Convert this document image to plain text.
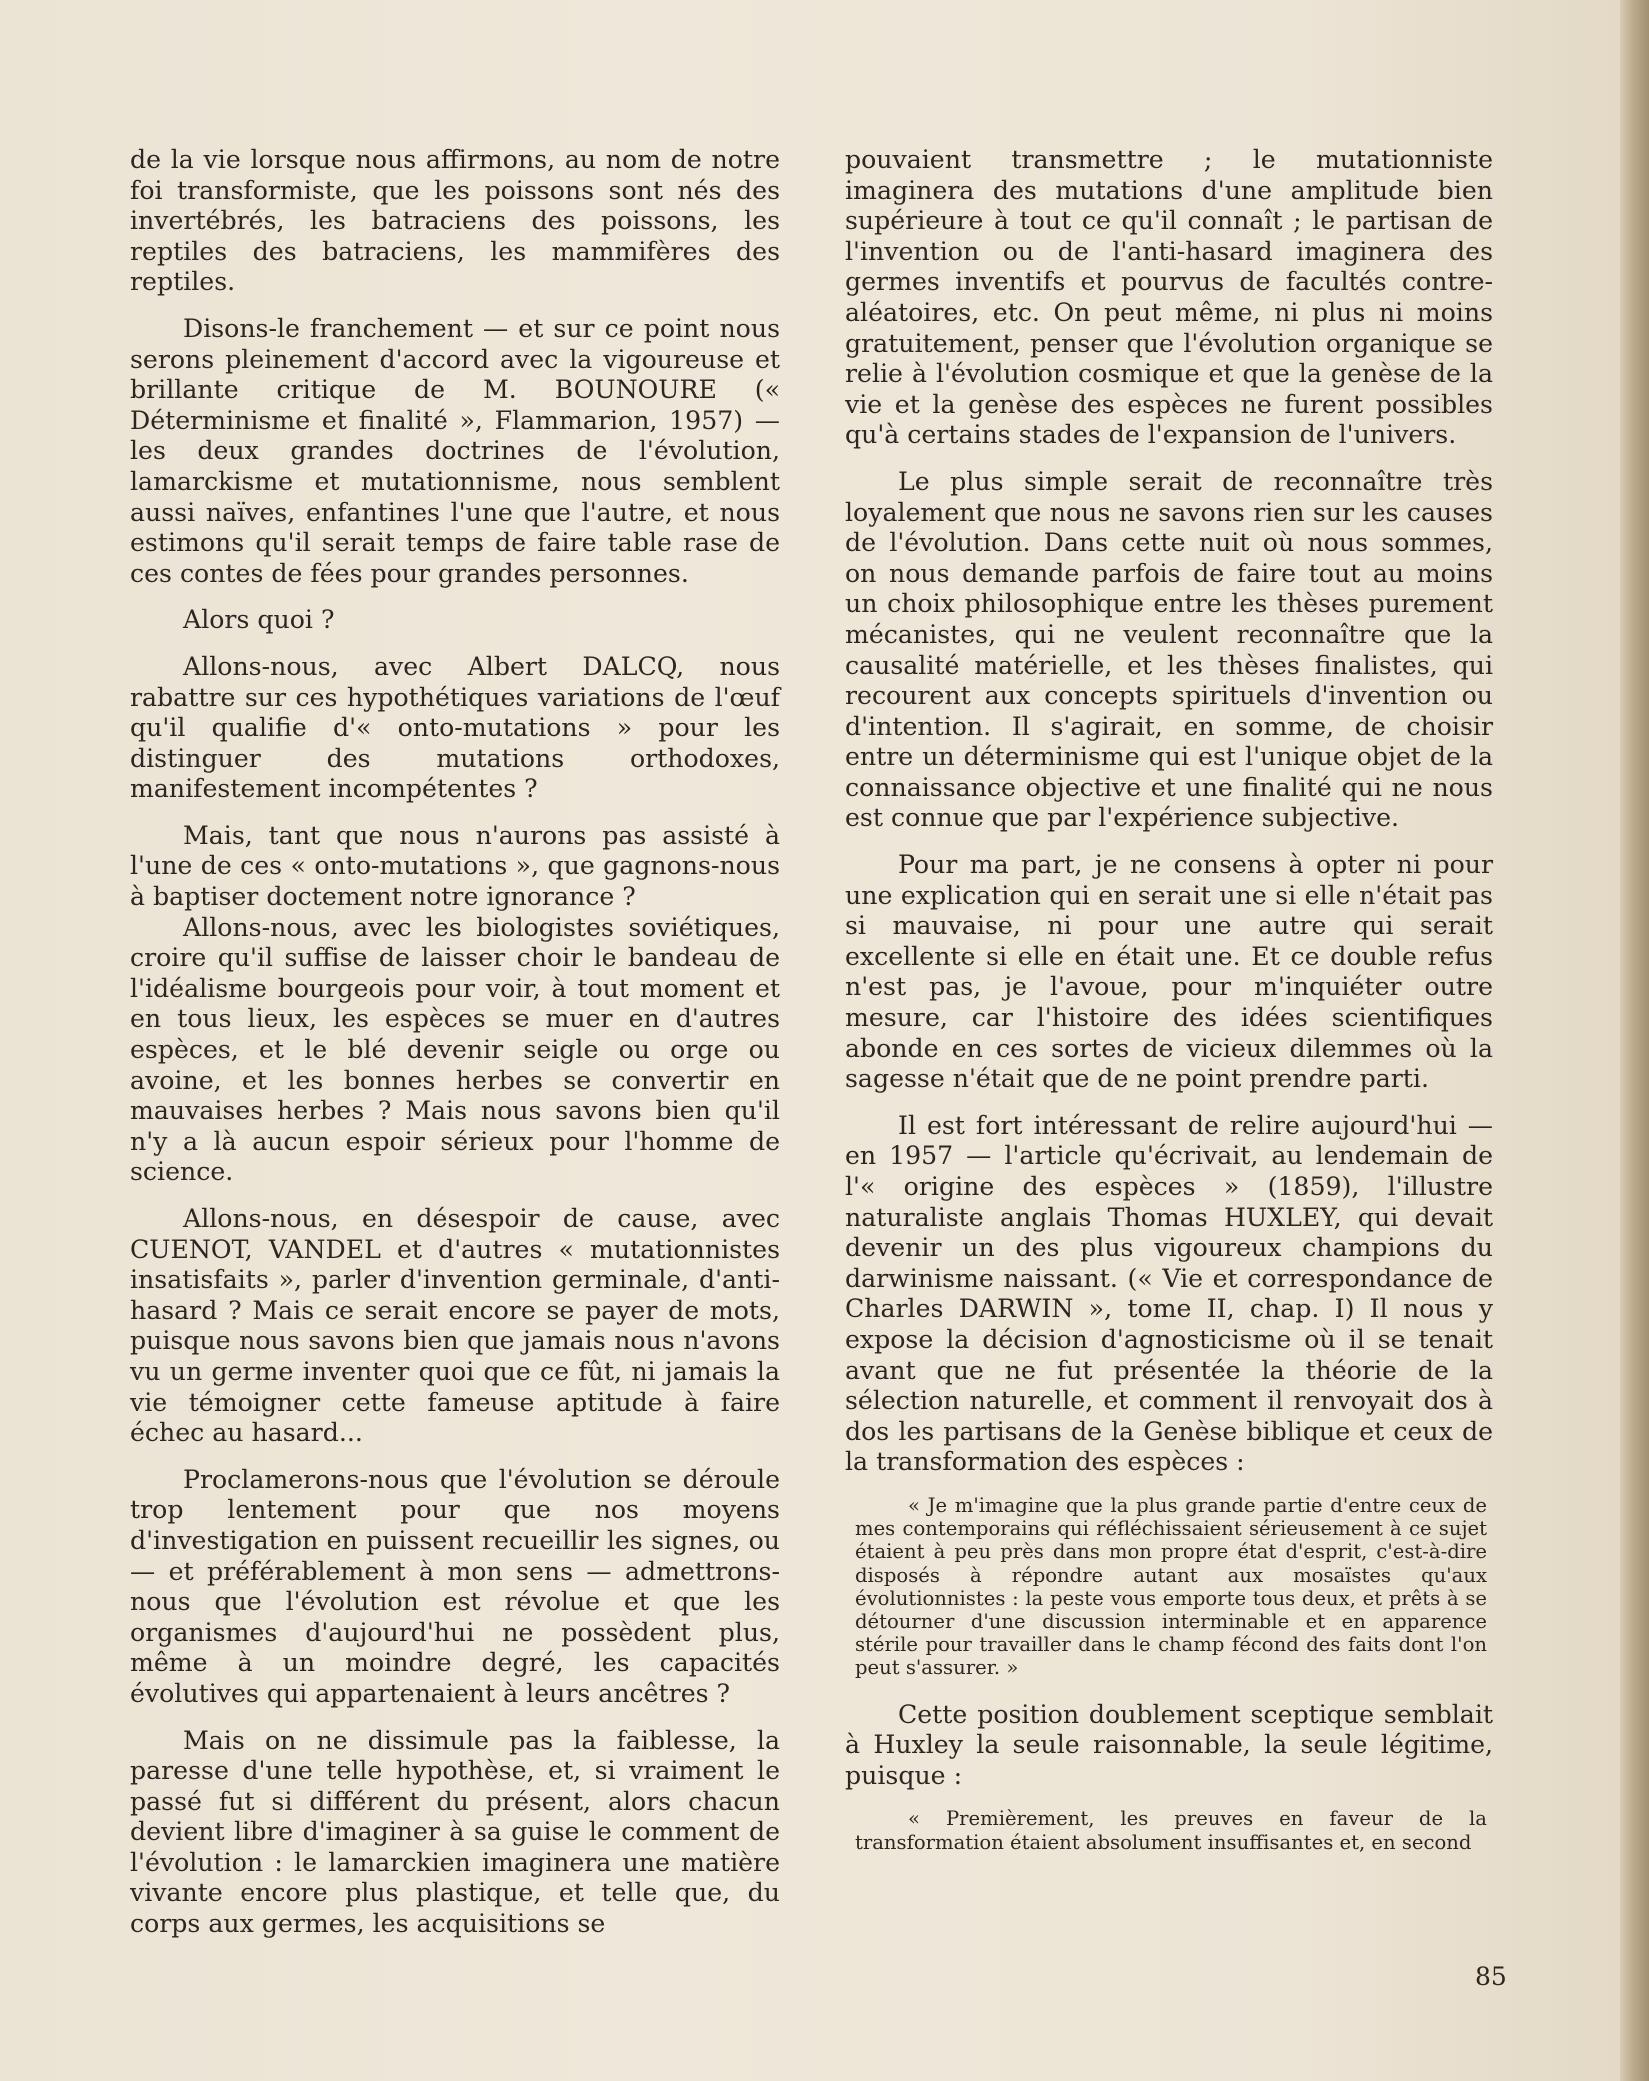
de la vie lorsque nous affirmons, au nom de notre foi transformiste, que les poissons sont nés des invertébrés, les batraciens des poissons, les reptiles des batraciens, les mammifères des reptiles.

Disons-le franchement — et sur ce point nous serons pleinement d'accord avec la vigoureuse et brillante critique de M. BOUNOURE (« Déterminisme et finalité », Flammarion, 1957) — les deux grandes doctrines de l'évolution, lamarckisme et mutationnisme, nous semblent aussi naïves, enfantines l'une que l'autre, et nous estimons qu'il serait temps de faire table rase de ces contes de fées pour grandes personnes.

Alors quoi ?

Allons-nous, avec Albert DALCQ, nous rabattre sur ces hypothétiques variations de l'œuf qu'il qualifie d'« onto-mutations » pour les distinguer des mutations orthodoxes, manifestement incompétentes ?

Mais, tant que nous n'aurons pas assisté à l'une de ces « onto-mutations », que gagnons-nous à baptiser doctement notre ignorance ?

Allons-nous, avec les biologistes soviétiques, croire qu'il suffise de laisser choir le bandeau de l'idéalisme bourgeois pour voir, à tout moment et en tous lieux, les espèces se muer en d'autres espèces, et le blé devenir seigle ou orge ou avoine, et les bonnes herbes se convertir en mauvaises herbes ? Mais nous savons bien qu'il n'y a là aucun espoir sérieux pour l'homme de science.

Allons-nous, en désespoir de cause, avec CUENOT, VANDEL et d'autres « mutationnistes insatisfaits », parler d'invention germinale, d'anti-hasard ? Mais ce serait encore se payer de mots, puisque nous savons bien que jamais nous n'avons vu un germe inventer quoi que ce fût, ni jamais la vie témoigner cette fameuse aptitude à faire échec au hasard...

Proclamerons-nous que l'évolution se déroule trop lentement pour que nos moyens d'investigation en puissent recueillir les signes, ou — et préférablement à mon sens — admettrons-nous que l'évolution est révolue et que les organismes d'aujourd'hui ne possèdent plus, même à un moindre degré, les capacités évolutives qui appartenaient à leurs ancêtres ?

Mais on ne dissimule pas la faiblesse, la paresse d'une telle hypothèse, et, si vraiment le passé fut si différent du présent, alors chacun devient libre d'imaginer à sa guise le comment de l'évolution : le lamarckien imaginera une matière vivante encore plus plastique, et telle que, du corps aux germes, les acquisitions se

pouvaient transmettre ; le mutationniste imaginera des mutations d'une amplitude bien supérieure à tout ce qu'il connaît ; le partisan de l'invention ou de l'anti-hasard imaginera des germes inventifs et pourvus de facultés contre-aléatoires, etc. On peut même, ni plus ni moins gratuitement, penser que l'évolution organique se relie à l'évolution cosmique et que la genèse de la vie et la genèse des espèces ne furent possibles qu'à certains stades de l'expansion de l'univers.

Le plus simple serait de reconnaître très loyalement que nous ne savons rien sur les causes de l'évolution. Dans cette nuit où nous sommes, on nous demande parfois de faire tout au moins un choix philosophique entre les thèses purement mécanistes, qui ne veulent reconnaître que la causalité matérielle, et les thèses finalistes, qui recourent aux concepts spirituels d'invention ou d'intention. Il s'agirait, en somme, de choisir entre un déterminisme qui est l'unique objet de la connaissance objective et une finalité qui ne nous est connue que par l'expérience subjective.

Pour ma part, je ne consens à opter ni pour une explication qui en serait une si elle n'était pas si mauvaise, ni pour une autre qui serait excellente si elle en était une. Et ce double refus n'est pas, je l'avoue, pour m'inquiéter outre mesure, car l'histoire des idées scientifiques abonde en ces sortes de vicieux dilemmes où la sagesse n'était que de ne point prendre parti.

Il est fort intéressant de relire aujourd'hui — en 1957 — l'article qu'écrivait, au lendemain de l'« origine des espèces » (1859), l'illustre naturaliste anglais Thomas HUXLEY, qui devait devenir un des plus vigoureux champions du darwinisme naissant. (« Vie et correspondance de Charles DARWIN », tome II, chap. I) Il nous y expose la décision d'agnosticisme où il se tenait avant que ne fut présentée la théorie de la sélection naturelle, et comment il renvoyait dos à dos les partisans de la Genèse biblique et ceux de la transformation des espèces :

« Je m'imagine que la plus grande partie d'entre ceux de mes contemporains qui réfléchissaient sérieusement à ce sujet étaient à peu près dans mon propre état d'esprit, c'est-à-dire disposés à répondre autant aux mosaïstes qu'aux évolutionnistes : la peste vous emporte tous deux, et prêts à se détourner d'une discussion interminable et en apparence stérile pour travailler dans le champ fécond des faits dont l'on peut s'assurer. »

Cette position doublement sceptique semblait à Huxley la seule raisonnable, la seule légitime, puisque :

« Premièrement, les preuves en faveur de la transformation étaient absolument insuffisantes et, en second

85
